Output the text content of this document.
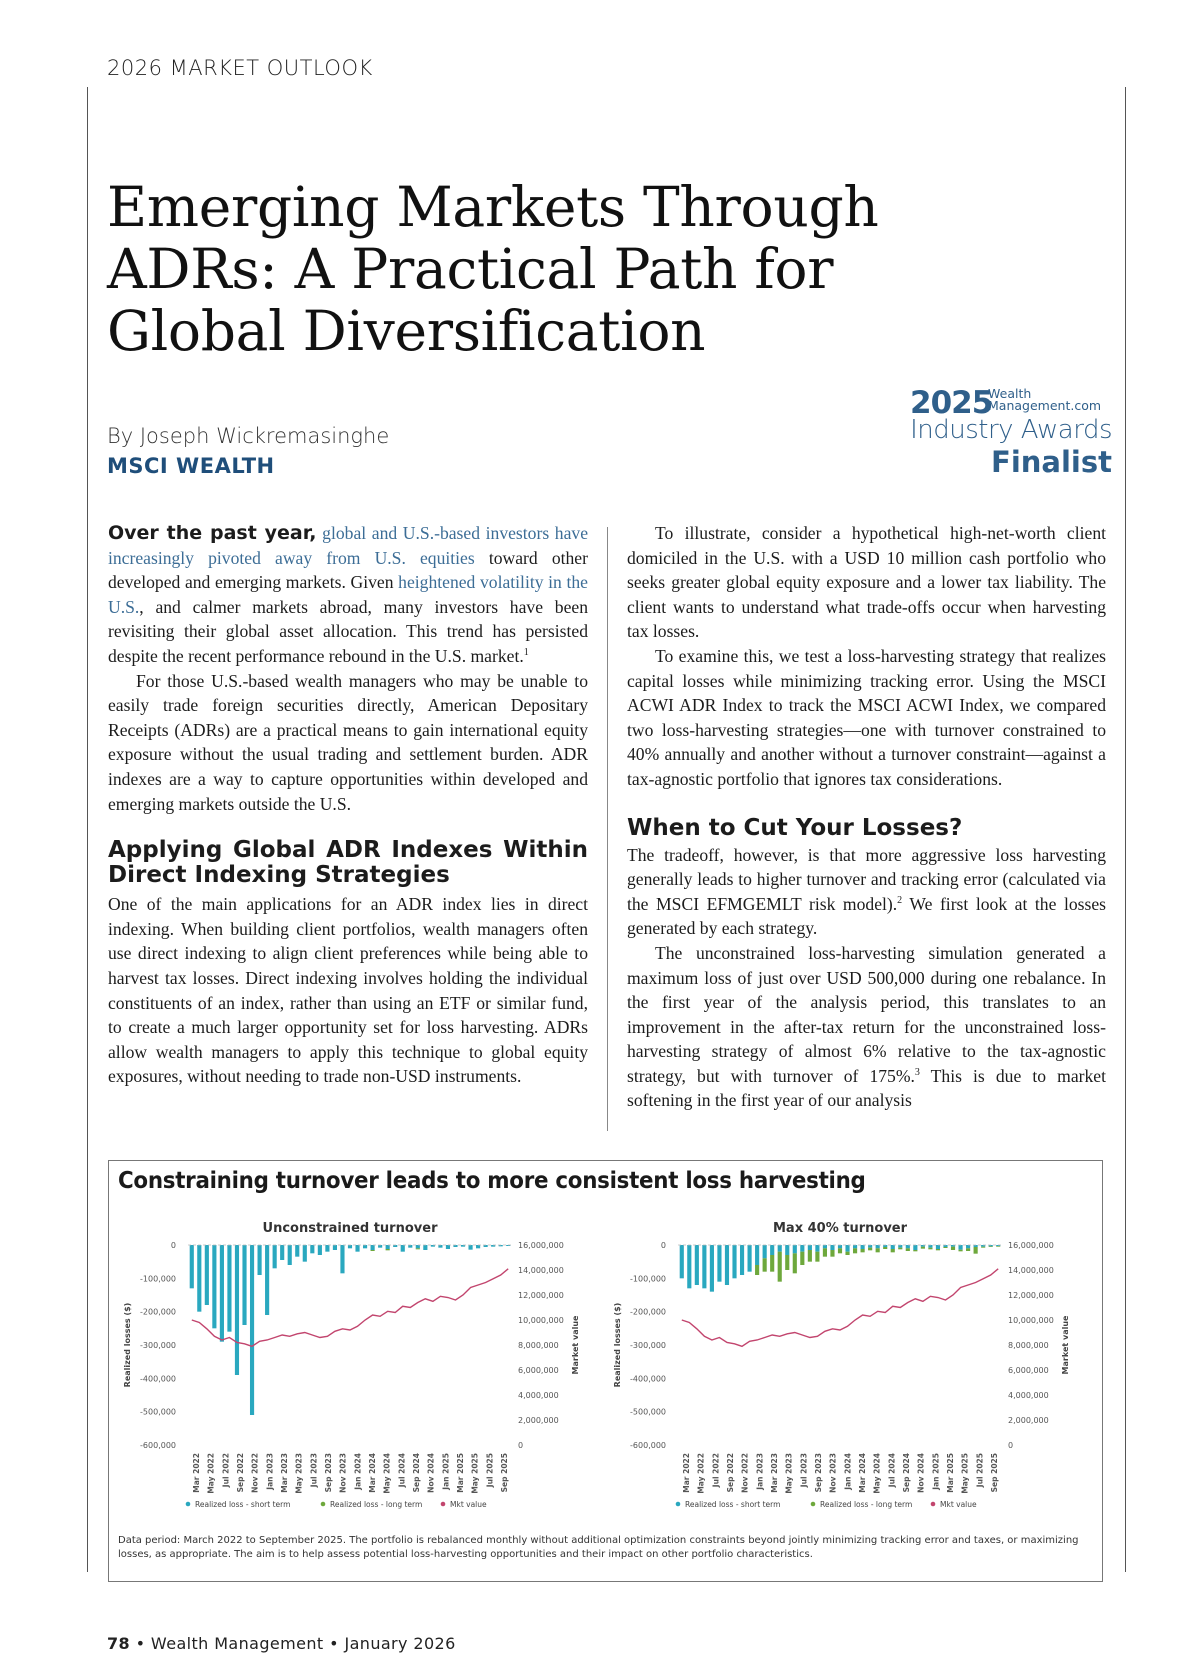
2026 MARKET OUTLOOK
Emerging Markets Through ADRs: A Practical Path for Global Diversification
By Joseph Wickremasinghe
MSCI WEALTH
2025
Wealth
Management.com
Industry Awards
Finalist

Over the past year, global and U.S.-based investors have increasingly pivoted away from U.S. equities toward other developed and emerging markets. Given heightened volatility in the U.S., and calmer markets abroad, many investors have been revisiting their global asset allocation. This trend has persisted despite the recent performance rebound in the U.S. market.$^1$

For those U.S.-based wealth managers who may be unable to easily trade foreign securities directly, American Depositary Receipts (ADRs) are a practical means to gain international equity exposure without the usual trading and settlement burden. ADR indexes are a way to capture opportunities within developed and emerging markets outside the U.S.

Applying Global ADR Indexes Within Direct Indexing Strategies

One of the main applications for an ADR index lies in direct indexing. When building client portfolios, wealth managers often use direct indexing to align client preferences while being able to harvest tax losses. Direct indexing involves holding the individual constituents of an index, rather than using an ETF or similar fund, to create a much larger opportunity set for loss harvesting. ADRs allow wealth managers to apply this technique to global equity exposures, without needing to trade non-USD instruments.

To illustrate, consider a hypothetical high-net-worth client domiciled in the U.S. with a USD 10 million cash portfolio who seeks greater global equity exposure and a lower tax liability. The client wants to understand what trade-offs occur when harvesting tax losses.

To examine this, we test a loss-harvesting strategy that realizes capital losses while minimizing tracking error. Using the MSCI ACWI ADR Index to track the MSCI ACWI Index, we compared two loss-harvesting strategies—one with turnover constrained to 40% annually and another without a turnover constraint—against a tax-agnostic portfolio that ignores tax considerations.

When to Cut Your Losses?

The tradeoff, however, is that more aggressive loss harvesting generally leads to higher turnover and tracking error (calculated via the MSCI EFMGEMLT risk model).$^2$ We first look at the losses generated by each strategy.

The unconstrained loss-harvesting simulation generated a maximum loss of just over USD 500,000 during one rebalance. In the first year of the analysis period, this translates to an improvement in the after-tax return for the unconstrained loss-harvesting strategy of almost 6% relative to the tax-agnostic strategy, but with turnover of 175%.$^3$ This is due to market softening in the first year of our analysis

Constraining turnover leads to more consistent loss harvesting
Unconstrained turnover
0
-100,000
-200,000
-300,000
-400,000
-500,000
-600,000
16,000,000
14,000,000
12,000,000
10,000,000
8,000,000
6,000,000
4,000,000
2,000,000
0
Realized losses ($)	Market value
Mar 2022 May 2022 Jul 2022 Sep 2022 Nov 2022 Jan 2023 Mar 2023 May 2023 Jul 2023 Sep 2023 Nov 2023 Jan 2024 Mar 2024 May 2024 Jul 2024 Sep 2024 Nov 2024 Jan 2025 Mar 2025 May 2025 Jul 2025 Sep 2025
Realized loss - short term	Realized loss - long term	Mkt value
Max 40% turnover
0
-100,000
-200,000
-300,000
-400,000
-500,000
-600,000
16,000,000
14,000,000
12,000,000
10,000,000
8,000,000
6,000,000
4,000,000
2,000,000
0
Realized losses ($)	Market value
Mar 2022 May 2022 Jul 2022 Sep 2022 Nov 2022 Jan 2023 Mar 2023 May 2023 Jul 2023 Sep 2023 Nov 2023 Jan 2024 Mar 2024 May 2024 Jul 2024 Sep 2024 Nov 2024 Jan 2025 Mar 2025 May 2025 Jul 2025 Sep 2025
Realized loss - short term	Realized loss - long term	Mkt value
Data period: March 2022 to September 2025. The portfolio is rebalanced monthly without additional optimization constraints beyond jointly minimizing tracking error and taxes, or maximizing losses, as appropriate. The aim is to help assess potential loss-harvesting opportunities and their impact on other portfolio characteristics.
78 • Wealth Management • January 2026
